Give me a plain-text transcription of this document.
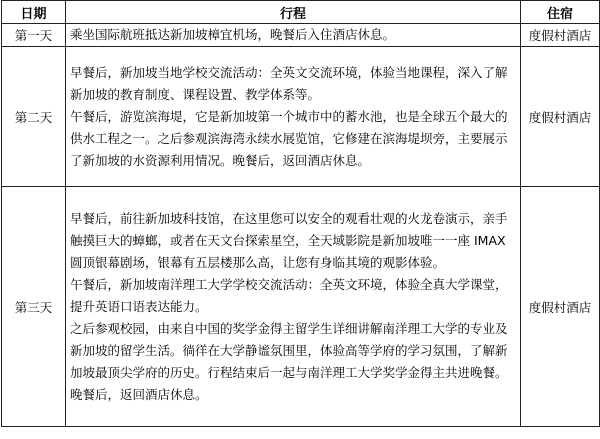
日期	行程	住宿
第一天	乘坐国际航班抵达新加坡樟宜机场，晚餐后入住酒店休息。	度假村酒店
第二天	早餐后，新加坡当地学校交流活动：全英文交流环境，体验当地课程，深入了解新加坡的教育制度、课程设置、教学体系等。

午餐后，游览滨海堤，它是新加坡第一个城市中的蓄水池，也是全球五个最大的供水工程之一。之后参观滨海湾永续水展览馆，它修建在滨海堤坝旁，主要展示了新加坡的水资源利用情况。晚餐后，返回酒店休息。	度假村酒店
第三天	早餐后，前往新加坡科技馆，在这里您可以安全的观看壮观的火龙卷演示，亲手触摸巨大的蟑螂，或者在天文台探索星空，全天域影院是新加坡唯一一座 IMAX 圆顶银幕剧场，银幕有五层楼那么高，让您有身临其境的观影体验。

午餐后，新加坡南洋理工大学学校交流活动：全英文环境，体验全真大学课堂，提升英语口语表达能力。

之后参观校园，由来自中国的奖学金得主留学生详细讲解南洋理工大学的专业及新加坡的留学生活。徜徉在大学静谧氛围里，体验高等学府的学习氛围，了解新加坡最顶尖学府的历史。行程结束后一起与南洋理工大学奖学金得主共进晚餐。晚餐后，返回酒店休息。	度假村酒店
